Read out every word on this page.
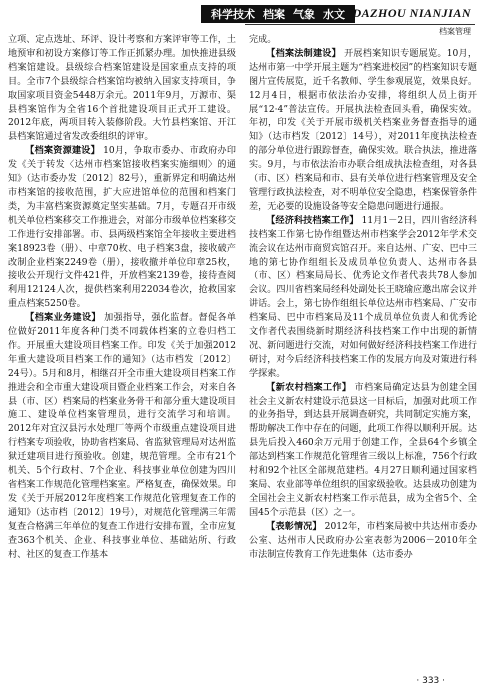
科学技术 档案 气象 水文 DAZHOU NIANJIAN
档案管理

立项、定点选址、环评、设计考察和方案评审等工作，土地预审和初设方案修订等工作正抓紧办理。加快推进县级档案馆建设。县级综合档案馆建设是国家重点支持的项目。全市7个县级综合档案馆均被纳入国家支持项目，争取国家项目资金5448万余元。2011年9月，万源市、渠县档案馆作为全省16个首批建设项目正式开工建设。2012年底，两项目转入装修阶段。大竹县档案馆、开江县档案馆通过省发改委组织的评审。

【档案资源建设】 10月，争取市委办、市政府办印发《关于转发〈达州市档案馆接收档案实施细则〉的通知》（达市委办发〔2012〕82号），重新界定和明确达州市档案馆的接收范围，扩大应进馆单位的范围和档案门类，为丰富档案资源奠定坚实基础。7月，专题召开市级机关单位档案移交工作推进会，对部分市级单位档案移交工作进行安排部署。市、县两级档案馆全年接收主要进档案18923卷（册）、中章70枚、电子档案3盘，接收破产改制企业档案2249卷（册），接收撤并单位印章25枚，接收公开现行文件421件，开放档案2139卷，接待查阅利用12124人次，提供档案利用22034卷次，抢救国家重点档案5250卷。

【档案业务建设】 加强指导，强化监督。督促各单位做好2011年度各种门类不同载体档案的立卷归档工作。开展重大建设项目档案工作。印发《关于加强2012年重大建设项目档案工作的通知》（达市档发〔2012〕24号）。5月和8月，相继召开全市重大建设项目档案工作推进会和全市重大建设项目暨企业档案工作会，对来自各县（市、区）档案局的档案业务骨干和部分重大建设项目施工、建设单位档案管理员，进行交流学习和培训。2012年对宜汉县污水处理厂等两个市级重点建设项目进行档案专项验收，协助省档案局、省监狱管理局对达州监狱迁建项目进行预验收。创建，规范管理。全市有21个机关、5个行政村、7个企业、科技事业单位创建为四川省档案工作规范化管理档案室。严格复查，确保效果。印发《关于开展2012年度档案工作规范化管理复查工作的通知》（达市档〔2012〕19号），对规范化管理满三年需复查合格满三年单位的复查工作进行安排布置，全市应复查363个机关、企业、科技事业单位、基础站所、行政村、社区的复查工作基本

完成。

【档案法制建设】 开展档案知识专题展览。10月，达州市第一中学开展主题为“档案进校园”的档案知识专题图片宣传展览，近千名教师、学生参观展览，效果良好。12月4日，根据市依法治办安排，将组织人员上街开展“12·4”普法宣传。开展执法检查回头看，确保实效。年初，印发《关于开展市级机关档案业务督查指导的通知》（达市档发〔2012〕14号），对2011年度执法检查的部分单位进行跟踪督查，确保实效。联合执法，推进落实。9月，与市依法治市办联合组成执法检查组，对各县（市、区）档案局和市、县有关单位进行档案管理及安全管理行政执法检查，对不明单位安全隐患，档案保管条件差，无必要的设施设备等安全隐患问题进行通报。

【经济科技档案工作】 11月1－2日，四川省经济科技档案工作第七协作组暨达州市档案学会2012年学术交流会议在达州市商贸宾馆召开。来自达州、广安、巴中三地的第七协作组组长及成员单位负责人、达州市各县（市、区）档案局局长、优秀论文作者代表共78人参加会议。四川省档案局经科处副处长王晓瑜应邀出席会议并讲话。会上，第七协作组组长单位达州市档案局、广安市档案局、巴中市档案局及11个成员单位负责人和优秀论文作者代表围绕新时期经济科技档案工作中出现的新情况、新问题进行交流，对如何做好经济科技档案工作进行研讨，对今后经济科技档案工作的发展方向及对策进行科学探索。

【新农村档案工作】 市档案局确定达县为创建全国社会主义新农村建设示范县这一目标后，加强对此项工作的业务指导，到达县开展调查研究，共同制定实施方案，帮助解决工作中存在的问题，此项工作得以顺利开展。达县先后投入460余万元用于创建工作，全县64个乡镇全部达到档案工作规范化管理省三级以上标准，756个行政村和92个社区全部规范建档。4月27日顺利通过国家档案局、农业部等单位组织的国家级验收。达县成功创建为全国社会主义新农村档案工作示范县，成为全省5个、全国45个示范县（区）之一。

【表彰情况】 2012年，市档案局被中共达州市委办公室、达州市人民政府办公室表彰为2006－2010年全市法制宣传教育工作先进集体（达市委办

· 333 ·
